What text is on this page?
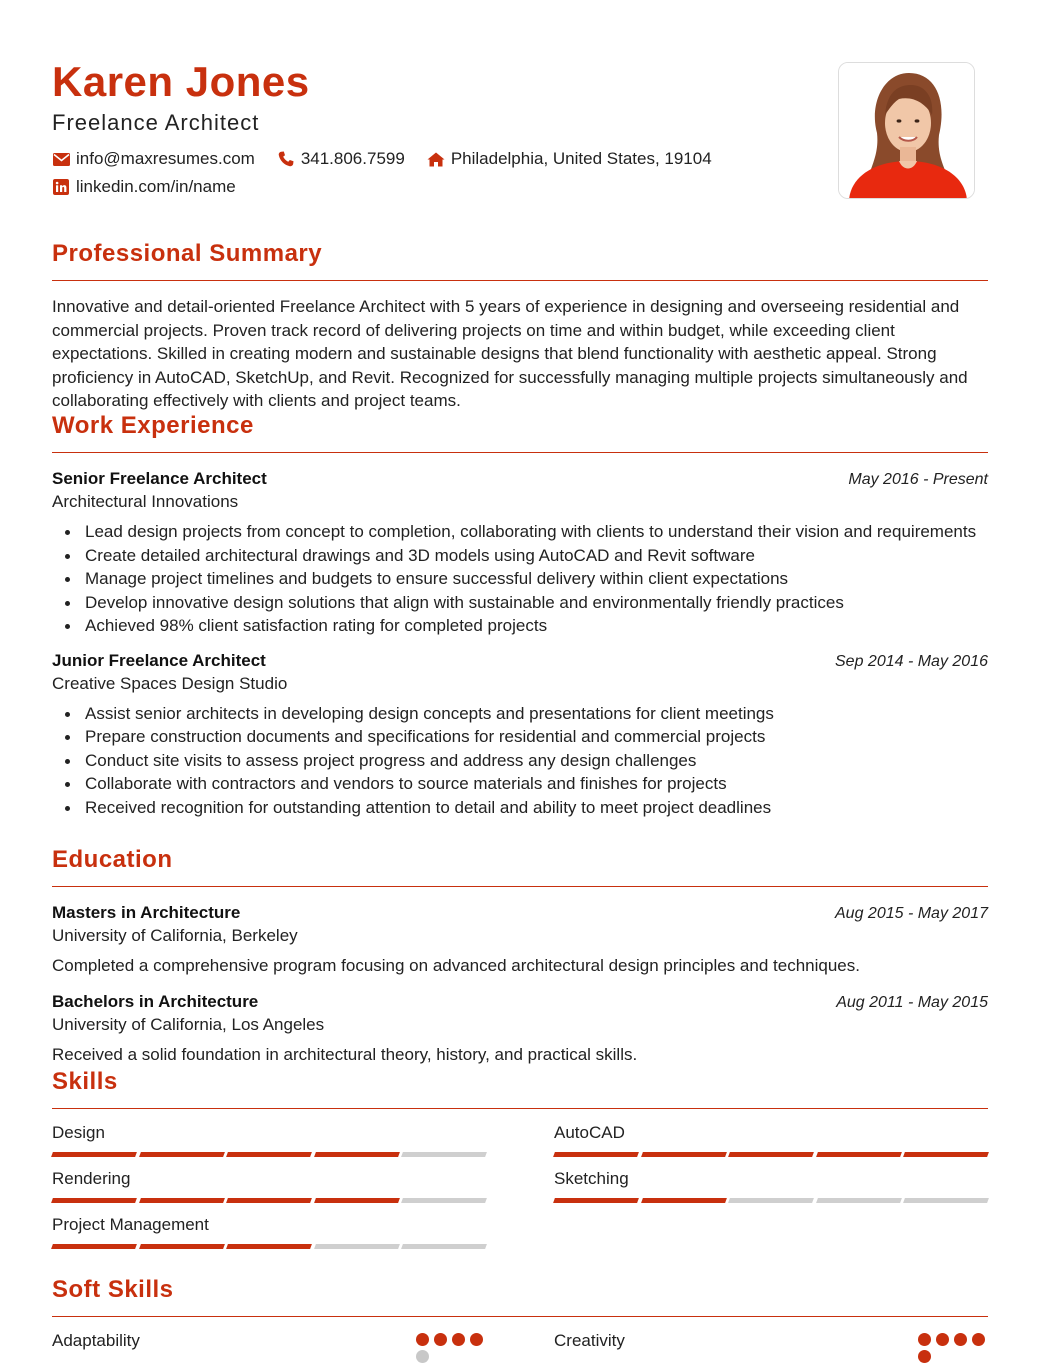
Karen Jones
Freelance Architect
info@maxresumes.com	341.806.7599	Philadelphia, United States, 19104
linkedin.com/in/name
Professional Summary
Innovative and detail-oriented Freelance Architect with 5 years of experience in designing and overseeing residential and commercial projects. Proven track record of delivering projects on time and within budget, while exceeding client expectations. Skilled in creating modern and sustainable designs that blend functionality with aesthetic appeal. Strong proficiency in AutoCAD, SketchUp, and Revit. Recognized for successfully managing multiple projects simultaneously and collaborating effectively with clients and project teams.
Work Experience
Senior Freelance Architect	May 2016 - Present
Architectural Innovations
Lead design projects from concept to completion, collaborating with clients to understand their vision and requirements
Create detailed architectural drawings and 3D models using AutoCAD and Revit software
Manage project timelines and budgets to ensure successful delivery within client expectations
Develop innovative design solutions that align with sustainable and environmentally friendly practices
Achieved 98% client satisfaction rating for completed projects
Junior Freelance Architect	Sep 2014 - May 2016
Creative Spaces Design Studio
Assist senior architects in developing design concepts and presentations for client meetings
Prepare construction documents and specifications for residential and commercial projects
Conduct site visits to assess project progress and address any design challenges
Collaborate with contractors and vendors to source materials and finishes for projects
Received recognition for outstanding attention to detail and ability to meet project deadlines
Education
Masters in Architecture	Aug 2015 - May 2017
University of California, Berkeley
Completed a comprehensive program focusing on advanced architectural design principles and techniques.
Bachelors in Architecture	Aug 2011 - May 2015
University of California, Los Angeles
Received a solid foundation in architectural theory, history, and practical skills.
Skills
Design	AutoCAD
Rendering	Sketching
Project Management
Soft Skills
Adaptability	Creativity
